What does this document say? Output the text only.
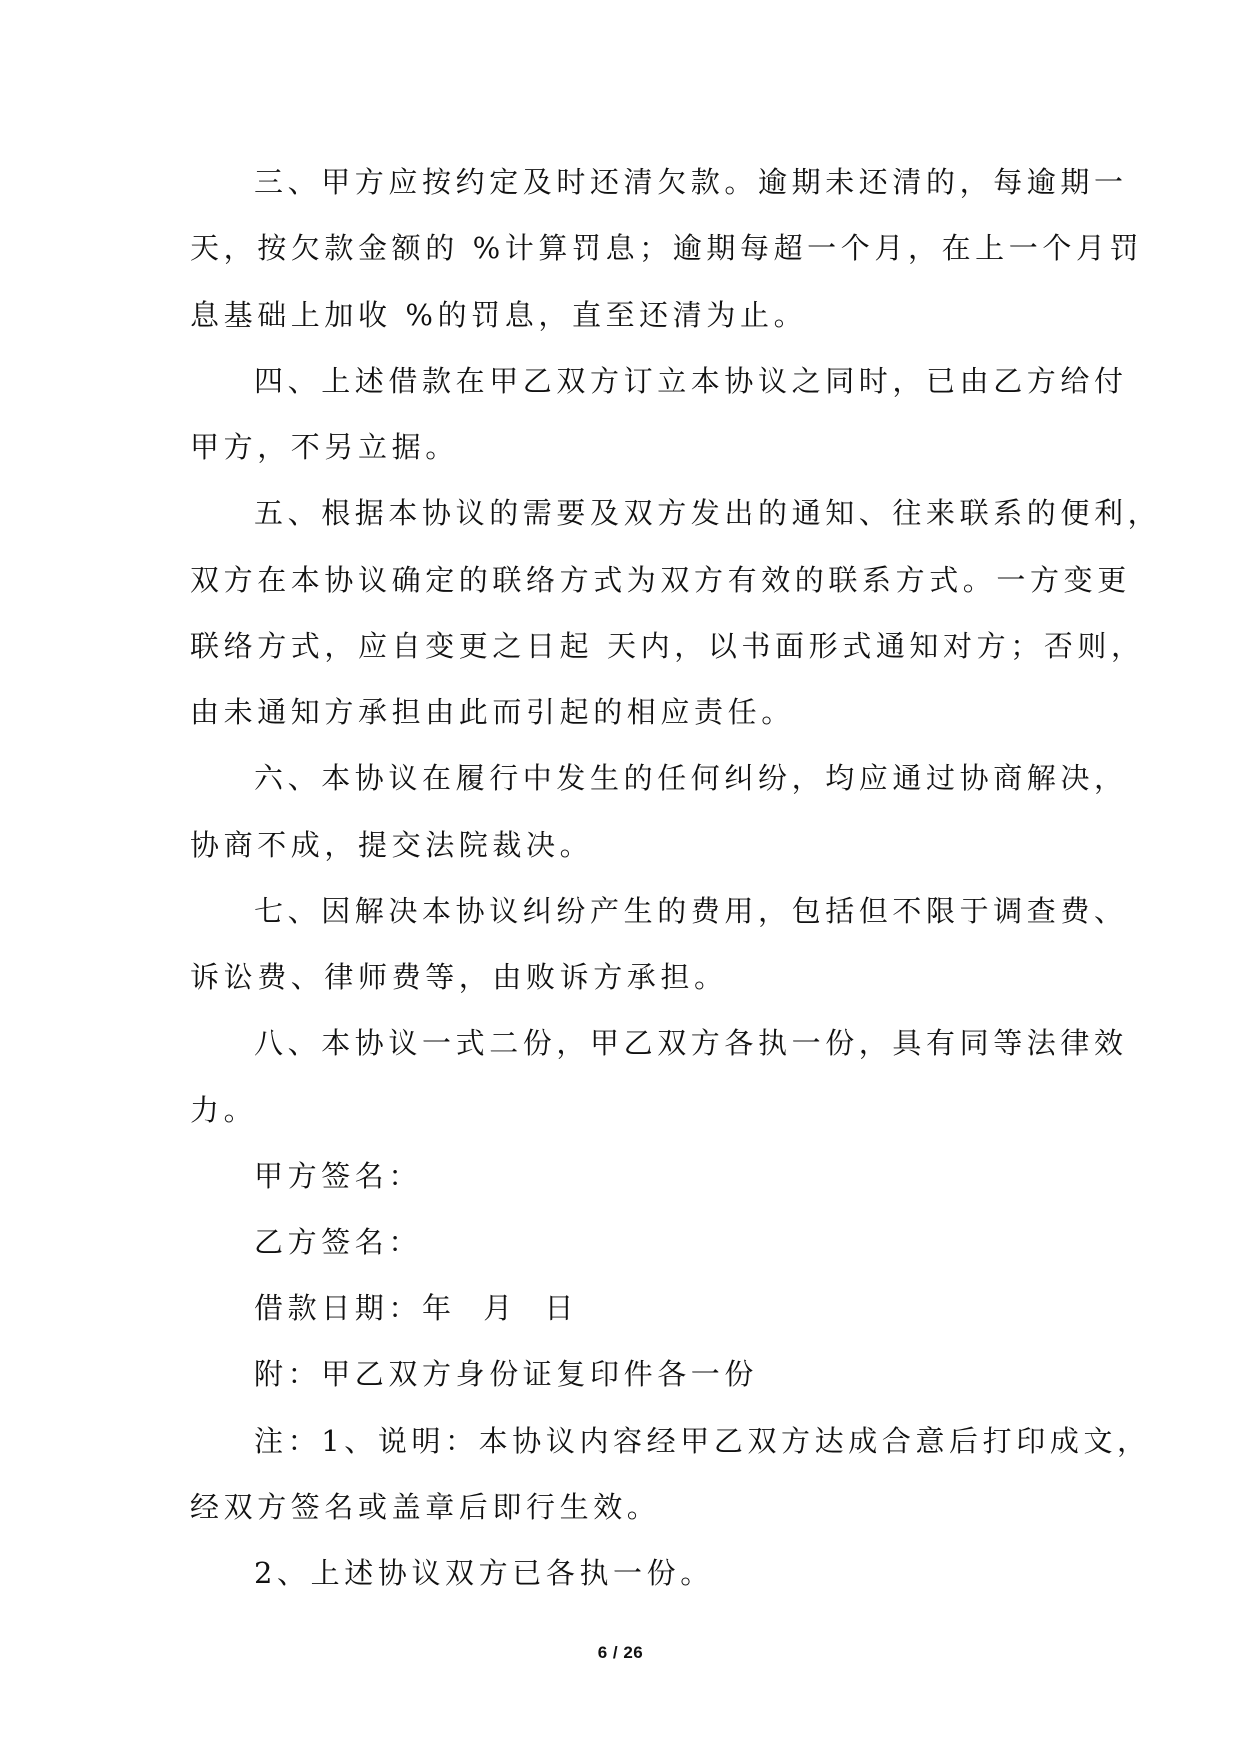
三、甲方应按约定及时还清欠款。逾期未还清的，每逾期一
天，按欠款金额的 %计算罚息；逾期每超一个月，在上一个月罚
息基础上加收 %的罚息，直至还清为止。
四、上述借款在甲乙双方订立本协议之同时，已由乙方给付
甲方，不另立据。
五、根据本协议的需要及双方发出的通知、往来联系的便利，
双方在本协议确定的联络方式为双方有效的联系方式。一方变更
联络方式，应自变更之日起 天内，以书面形式通知对方；否则，
由未通知方承担由此而引起的相应责任。
六、本协议在履行中发生的任何纠纷，均应通过协商解决，
协商不成，提交法院裁决。
七、因解决本协议纠纷产生的费用，包括但不限于调查费、
诉讼费、律师费等，由败诉方承担。
八、本协议一式二份，甲乙双方各执一份，具有同等法律效
力。
甲方签名：
乙方签名：
借款日期：年  月  日
附：甲乙双方身份证复印件各一份
注：1、说明：本协议内容经甲乙双方达成合意后打印成文，
经双方签名或盖章后即行生效。
2、上述协议双方已各执一份。
6 / 26
